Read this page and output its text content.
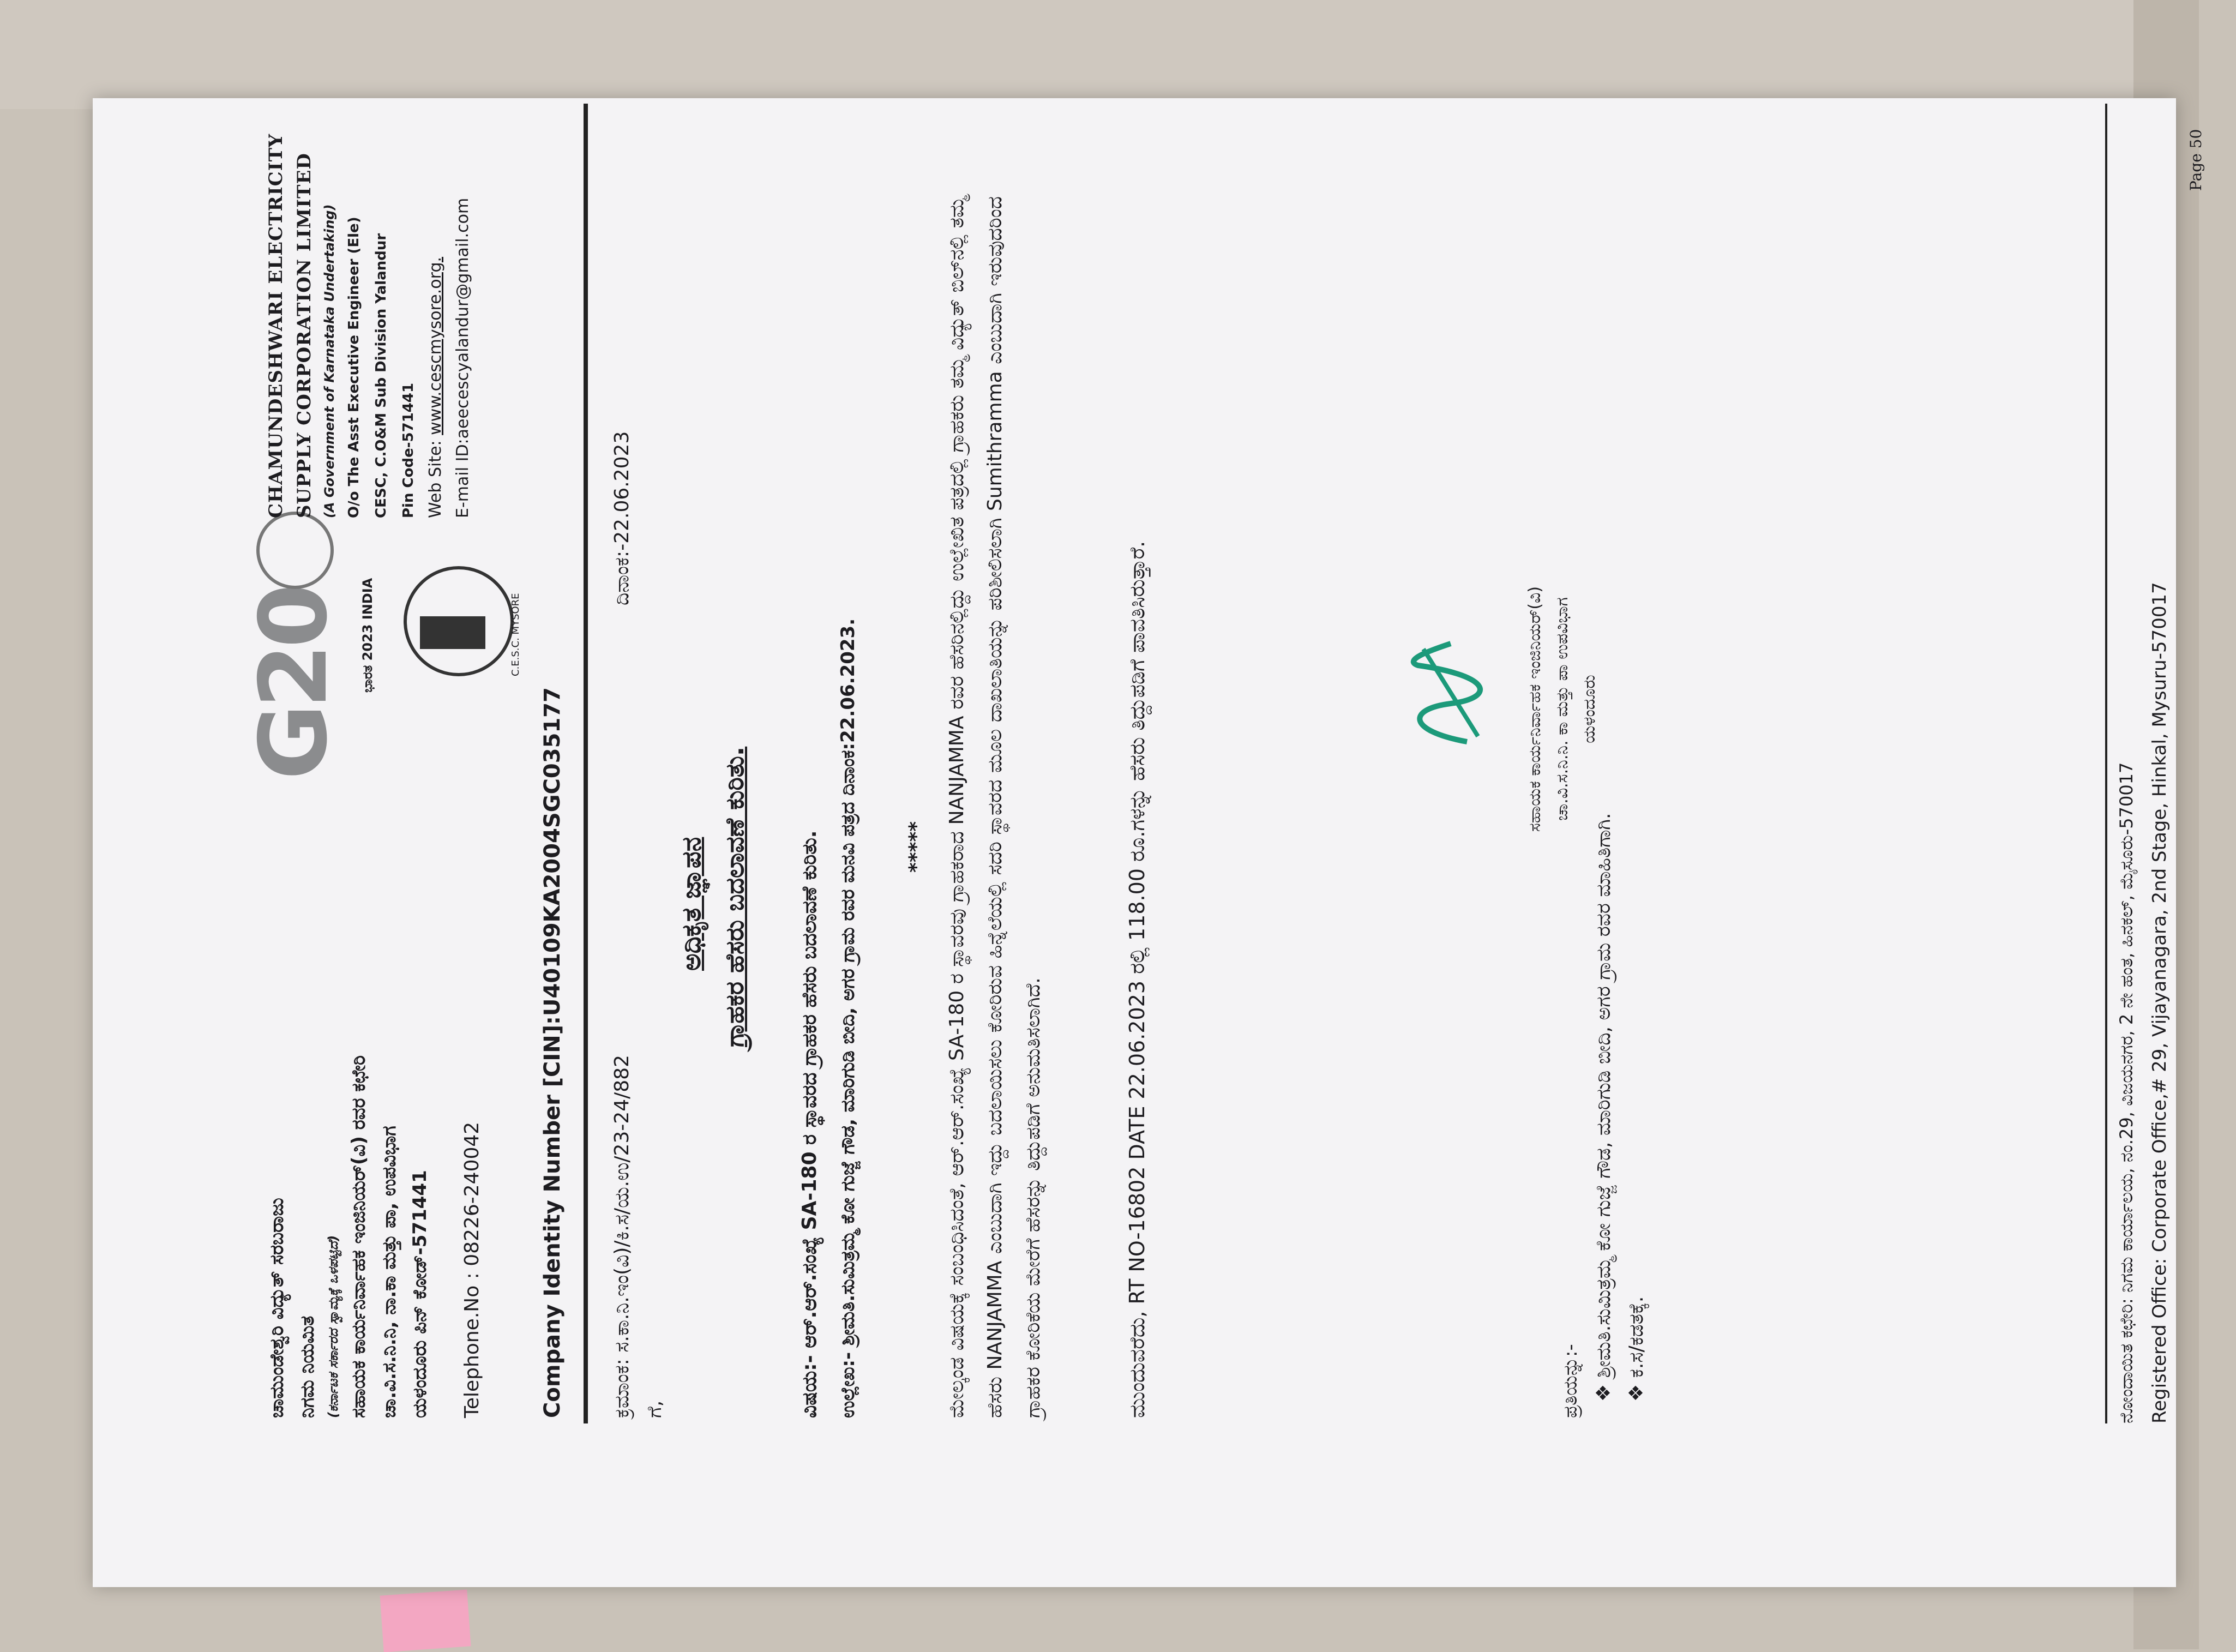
ಚಾಮುಂಡೇಶ್ವರಿ ವಿದ್ಯುತ್ ಸರಬರಾಜು ನಿಗಮ ನಿಯಮಿತ (ಕರ್ನಾಟಕ ಸರ್ಕಾರದ ಸ್ವಾಮ್ಯಕ್ಕೆ ಒಳಪಟ್ಟಿದೆ) ಸಹಾಯಕ ಕಾರ್ಯನಿರ್ವಾಹಕ ಇಂಜಿನಿಯರ್(ವಿ) ರವರ ಕಛೇರಿ ಚಾ.ವಿ.ಸ.ನಿ.ನಿ, ನಾ.ಕಾ ಮತ್ತು ಪಾ, ಉಪವಿಭಾಗ ಯಳಂದೂರು ಪಿನ್ ಕೋಡ್-571441 Telephone.No : 08226-240042
G20 ಭಾರತ 2023 INDIA	C.E.S.C. MYSORE
CHAMUNDESHWARI ELECTRICITY SUPPLY CORPORATION LIMITED (A Government of Karnataka Undertaking) O/o The Asst Executive Engineer (Ele) CESC, C.O&M Sub Division Yalandur Pin Code-571441 Web Site: www.cescmysore.org. E-mail ID:aeecescyalandur@gmail.com
Company Identity Number [CIN]:U40109KA2004SGC035177 ಕ್ರಮಾಂಕ: ಸ.ಕಾ.ನಿ.ಇಂ(ವಿ)/ಕಿ.ಸ/ಯ.ಉ/23-24/882
ದಿನಾಂಕ:-22.06.2023
ಗೆ,
ಅಧಿಕೃತ ಜ್ಞಾಪನ ಗ್ರಾಹಕರ ಹೆಸರು ಬದಲಾವಣೆ ಕುರಿತು.	ವಿಷಯ:- ಆರ್.ಆರ್.ಸಂಖ್ಯೆ SA-180 ರ ಸ್ಥಾವರದ ಗ್ರಾಹಕರ ಹೆಸರು ಬದಲಾವಣೆ ಕುರಿತು. ಉಲ್ಲೇಖ:- ಶ್ರೀಮತಿ.ಸುಮಿತ್ರಮ್ಮ ಕೋ ಗುಜ್ಜೆ ಗೌಡ, ಮಾರಿಗುಡಿ ಬೀದಿ, ಅಗರ ಗ್ರಾಮ ರವರ ಮನವಿ ಪತ್ರದ ದಿನಾಂಕ:22.06.2023.	***** ಮೇಲ್ಕಂಡ ವಿಷಯಕ್ಕೆ ಸಂಬಂಧಿಸಿದಂತೆ, ಆರ್.ಆರ್.ಸಂಖ್ಯೆ SA-180 ರ ಸ್ಥಾವರವು ಗ್ರಾಹಕರಾದ NANJAMMA ರವರ ಹೆಸರಿನಲ್ಲಿದ್ದು ಉಲ್ಲೇಖಿತ ಪತ್ರದಲ್ಲಿ ಗ್ರಾಹಕರು ತಮ್ಮ ವಿದ್ಯುತ್ ಬಿಲ್‌ನಲ್ಲಿ ತಮ್ಮ ಹೆಸರು NANJAMMA ಎಂಬುದಾಗಿ ಇದ್ದು ಬದಲಾಯಿಸಲು ಕೋರಿರುವ ಹಿನ್ನೆಲೆಯಲ್ಲಿ ಸದರಿ ಸ್ಥಾವರದ ಮೂಲ ದಾಖಲಾತಿಯನ್ನು ಪರಿಶೀಲಿಸಲಾಗಿ Sumithramma ಎಂಬುದಾಗಿ ಇರುವುದರಿಂದ ಗ್ರಾಹಕರ ಕೋರಿಕೆಯ ಮೇರೆಗೆ ಹೆಸರನ್ನು ತಿದ್ದುಪಡಿಗೆ ಅನುಮತಿಸಲಾಗಿದೆ.	ಮುಂದುವರೆದು, RT NO-16802 DATE 22.06.2023 ರಲ್ಲಿ 118.00 ರೂ.ಗಳನ್ನು ಹೆಸರು ತಿದ್ದುಪಡಿಗೆ ಪಾವತಿಸಿರುತ್ತಾರೆ.	ಸಹಾಯಕ ಕಾರ್ಯನಿರ್ವಾಹಕ ಇಂಜಿನಿಯರ್(ವಿ) ಚಾ.ವಿ.ಸ.ನಿ.ನಿ. ಕಾ ಮತ್ತು ಪಾ ಉಪವಿಭಾಗ ಯಳಂದೂರು
ಪ್ರತಿಯನ್ನು:- ❖ ಶ್ರೀಮತಿ.ಸುಮಿತ್ರಮ್ಮ ಕೋ ಗುಜ್ಜೆ ಗೌಡ, ಮಾರಿಗುಡಿ ಬೀದಿ, ಅಗರ ಗ್ರಾಮ ರವರ ಮಾಹಿತಿಗಾಗಿ.
❖ ಕ.ಸ/ಕಡತಕ್ಕೆ.	ನೋಂದಾಯಿತ ಕಛೇರಿ: ನಿಗಮ ಕಾರ್ಯಾಲಯ, ನಂ.29, ವಿಜಯನಗರ, 2 ನೇ ಹಂತ, ಹಿನಕಲ್, ಮೈಸೂರು-570017 Registered Office: Corporate Office,# 29, Vijayanagara, 2nd Stage, Hinkal, Mysuru-570017
Page 50
